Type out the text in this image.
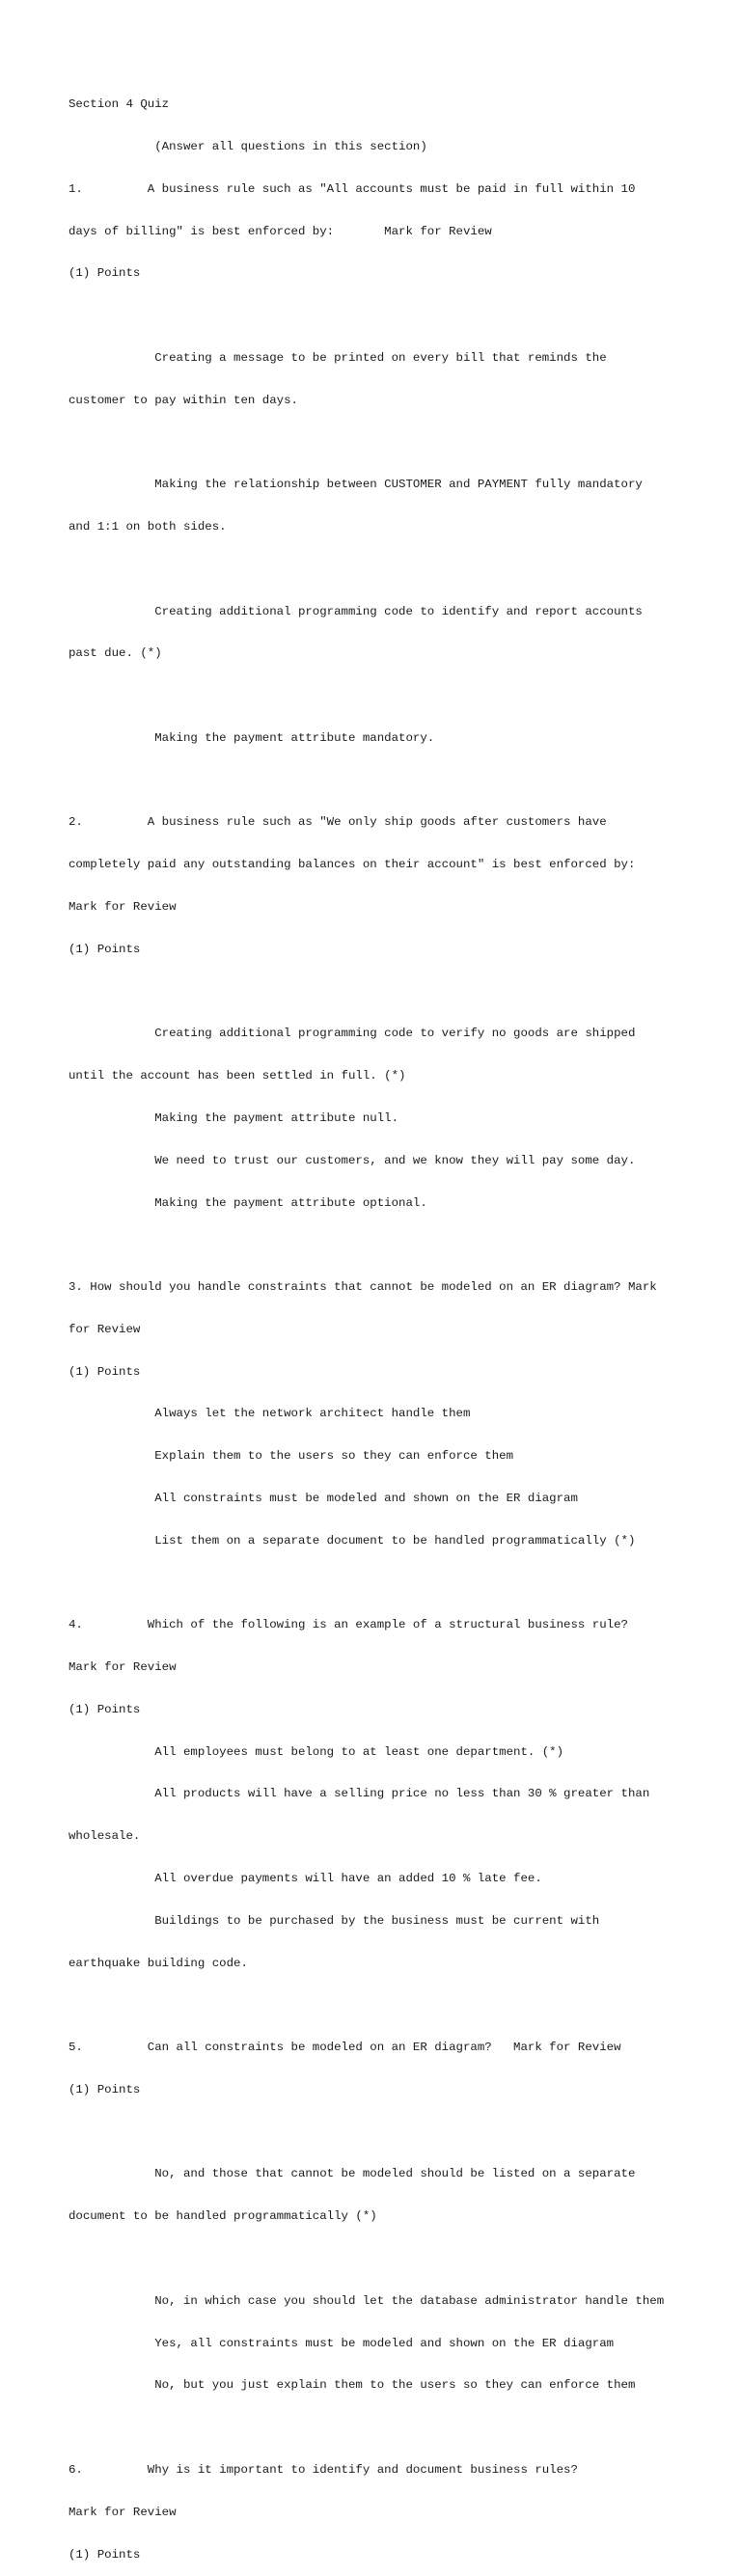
Section 4 Quiz

(Answer all questions in this section)

1.         A business rule such as "All accounts must be paid in full within 10

days of billing" is best enforced by:       Mark for Review

(1) Points

Creating a message to be printed on every bill that reminds the

customer to pay within ten days.

Making the relationship between CUSTOMER and PAYMENT fully mandatory

and 1:1 on both sides.

Creating additional programming code to identify and report accounts

past due. (*)

Making the payment attribute mandatory.

2.         A business rule such as "We only ship goods after customers have

completely paid any outstanding balances on their account" is best enforced by:

Mark for Review

(1) Points

Creating additional programming code to verify no goods are shipped

until the account has been settled in full. (*)

Making the payment attribute null.

We need to trust our customers, and we know they will pay some day.

Making the payment attribute optional.

3. How should you handle constraints that cannot be modeled on an ER diagram? Mark

for Review

(1) Points

Always let the network architect handle them

Explain them to the users so they can enforce them

All constraints must be modeled and shown on the ER diagram

List them on a separate document to be handled programmatically (*)

4.         Which of the following is an example of a structural business rule?

Mark for Review

(1) Points

All employees must belong to at least one department. (*)

All products will have a selling price no less than 30 % greater than

wholesale.

All overdue payments will have an added 10 % late fee.

Buildings to be purchased by the business must be current with

earthquake building code.

5.         Can all constraints be modeled on an ER diagram?   Mark for Review

(1) Points

No, and those that cannot be modeled should be listed on a separate

document to be handled programmatically (*)

No, in which case you should let the database administrator handle them

Yes, all constraints must be modeled and shown on the ER diagram

No, but you just explain them to the users so they can enforce them

6.         Why is it important to identify and document business rules?

Mark for Review

(1) Points
